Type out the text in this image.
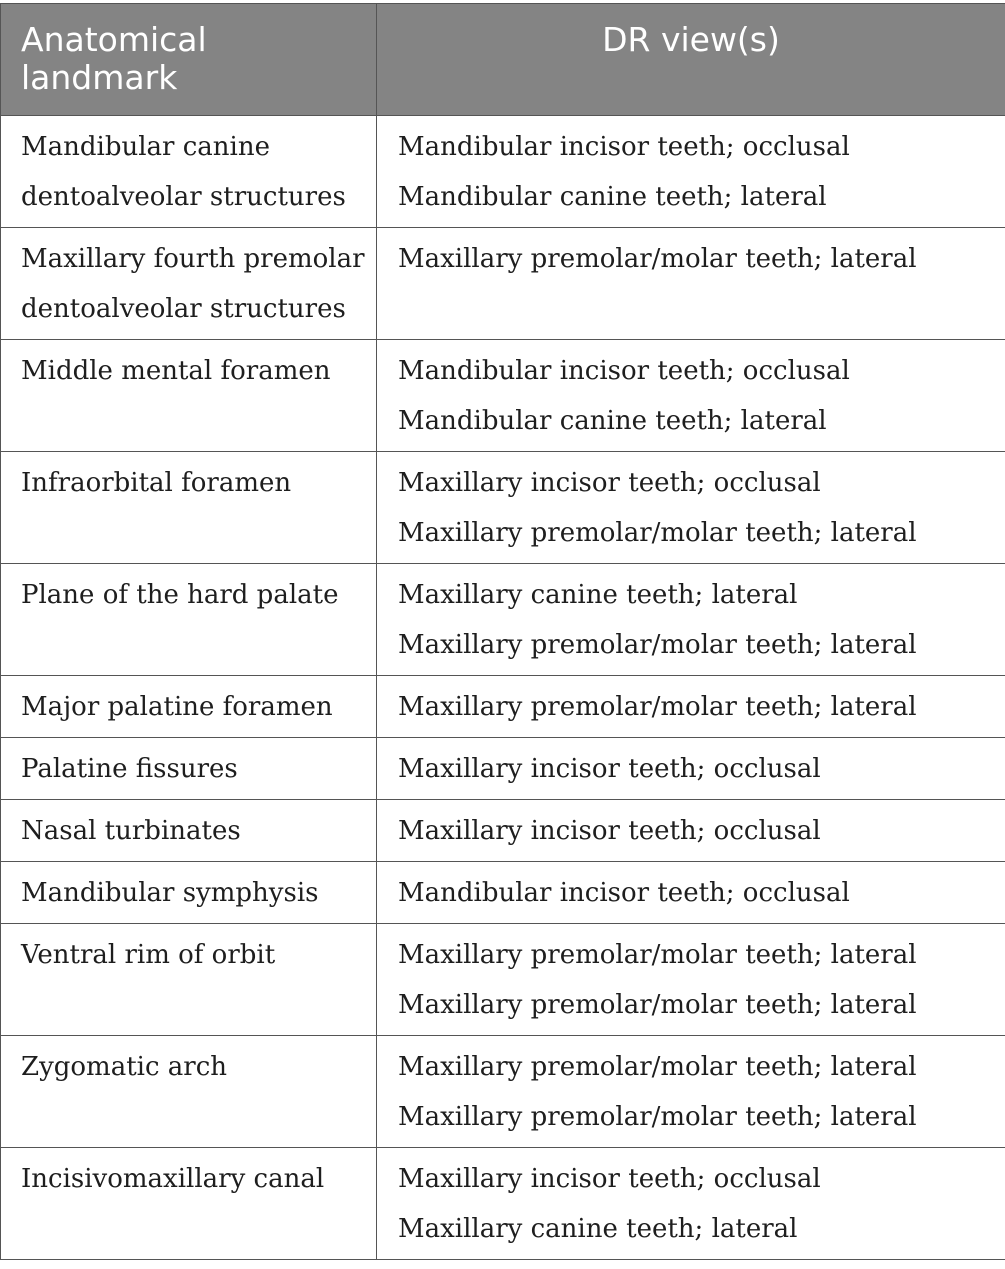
Anatomical landmark	DR view(s)

Mandibular canine
dentoalveolar structures	Mandibular incisor teeth; occlusal
Mandibular canine teeth; lateral

Maxillary fourth premolar
dentoalveolar structures	Maxillary premolar/molar teeth; lateral

Middle mental foramen	Mandibular incisor teeth; occlusal
Mandibular canine teeth; lateral

Infraorbital foramen	Maxillary incisor teeth; occlusal
Maxillary premolar/molar teeth; lateral

Plane of the hard palate	Maxillary canine teeth; lateral
Maxillary premolar/molar teeth; lateral

Major palatine foramen	Maxillary premolar/molar teeth; lateral

Palatine fissures	Maxillary incisor teeth; occlusal

Nasal turbinates	Maxillary incisor teeth; occlusal

Mandibular symphysis	Mandibular incisor teeth; occlusal

Ventral rim of orbit	Maxillary premolar/molar teeth; lateral
Maxillary premolar/molar teeth; lateral

Zygomatic arch	Maxillary premolar/molar teeth; lateral
Maxillary premolar/molar teeth; lateral

Incisivomaxillary canal	Maxillary incisor teeth; occlusal
Maxillary canine teeth; lateral
